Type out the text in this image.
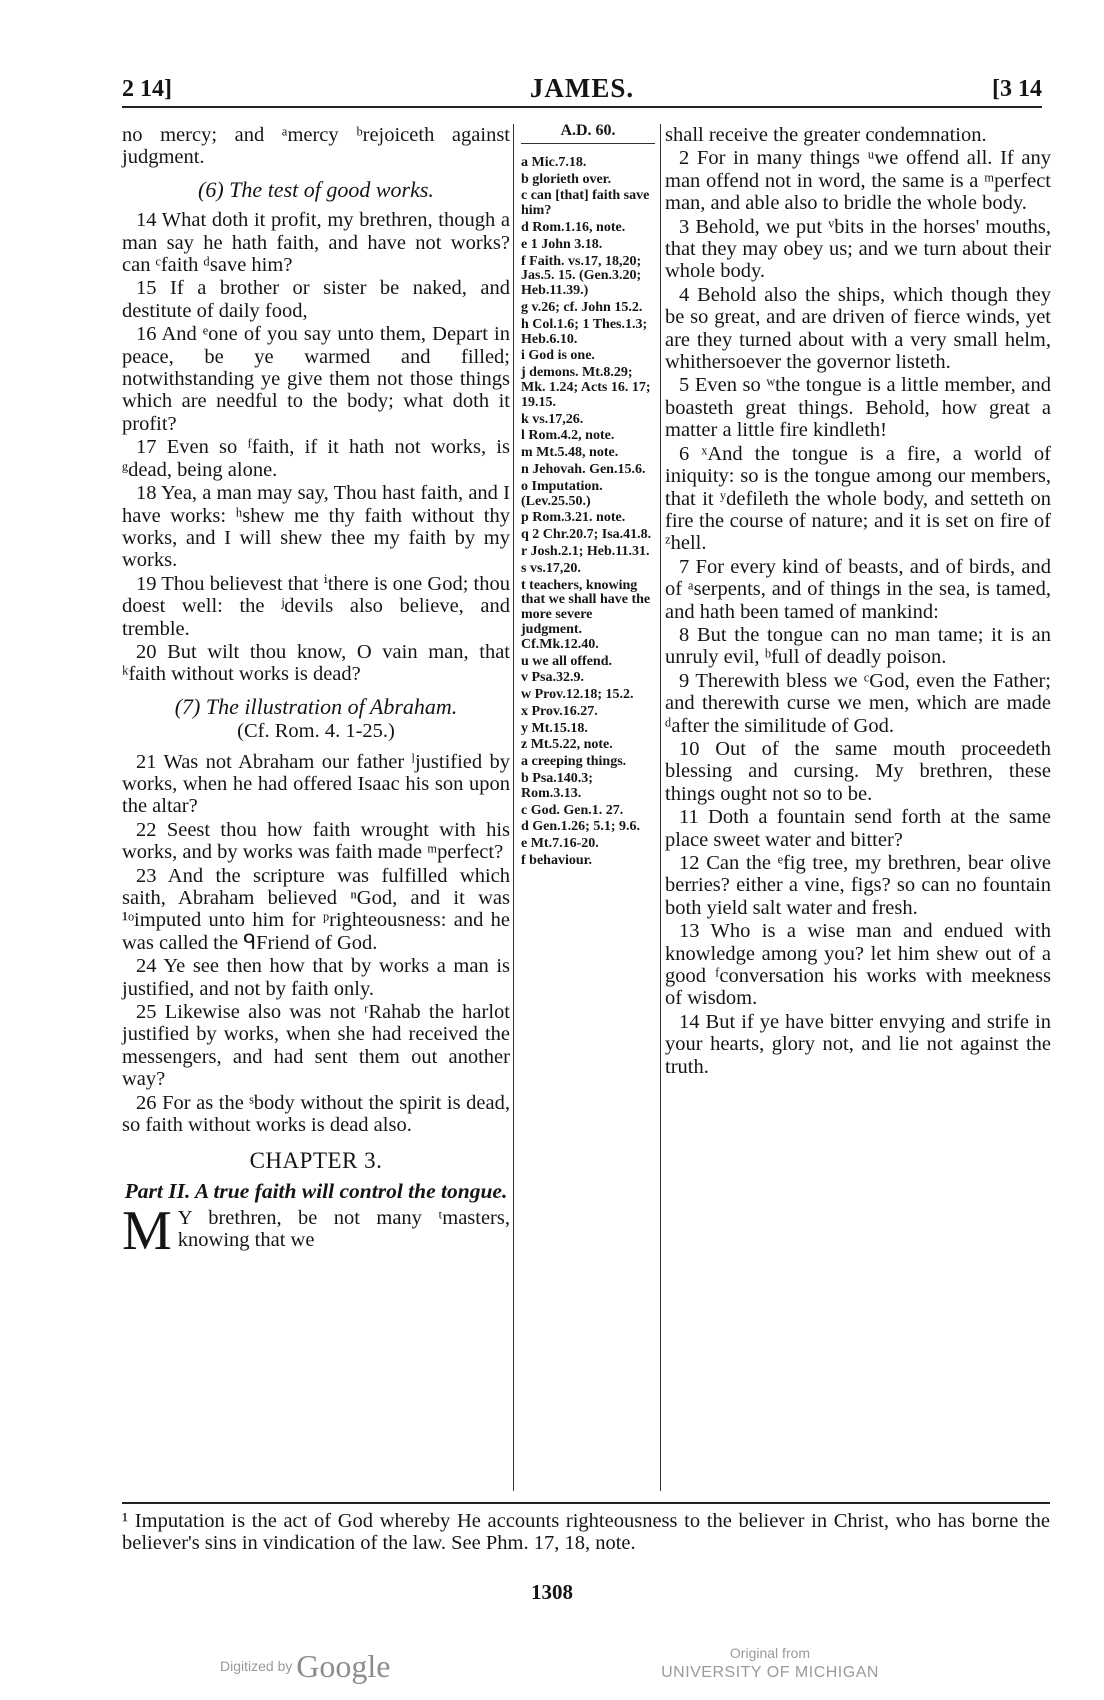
2 14]	JAMES.	[3 14

no mercy; and ᵃmercy ᵇrejoiceth against judgment.

(6) The test of good works.

14 What doth it profit, my brethren, though a man say he hath faith, and have not works? can ᶜfaith ᵈsave him?

15 If a brother or sister be naked, and destitute of daily food,

16 And ᵉone of you say unto them, Depart in peace, be ye warmed and filled; notwithstanding ye give them not those things which are needful to the body; what doth it profit?

17 Even so ᶠfaith, if it hath not works, is ᵍdead, being alone.

18 Yea, a man may say, Thou hast faith, and I have works: ʰshew me thy faith without thy works, and I will shew thee my faith by my works.

19 Thou believest that ⁱthere is one God; thou doest well: the ʲdevils also believe, and tremble.

20 But wilt thou know, O vain man, that ᵏfaith without works is dead?

(7) The illustration of Abraham.
(Cf. Rom. 4. 1-25.)

21 Was not Abraham our father ˡjustified by works, when he had offered Isaac his son upon the altar?

22 Seest thou how faith wrought with his works, and by works was faith made ᵐperfect?

23 And the scripture was fulfilled which saith, Abraham believed ⁿGod, and it was ¹ᵒimputed unto him for ᵖrighteousness: and he was called the ᑫFriend of God.

24 Ye see then how that by works a man is justified, and not by faith only.

25 Likewise also was not ʳRahab the harlot justified by works, when she had received the messengers, and had sent them out another way?

26 For as the ˢbody without the spirit is dead, so faith without works is dead also.

CHAPTER 3.
Part II. A true faith will control the tongue.

M Y brethren, be not many ᵗmasters, knowing that we

A.D. 60.
a Mic.7.18.
b glorieth over.
c can [that] faith save him?
d Rom.1.16, note.
e 1 John 3.18.
f Faith. vs.17, 18,20; Jas.5. 15. (Gen.3.20; Heb.11.39.)
g v.26; cf. John 15.2.
h Col.1.6; 1 Thes.1.3; Heb.6.10.
i God is one.
j demons. Mt.8.29; Mk. 1.24; Acts 16. 17; 19.15.
k vs.17,26.
l Rom.4.2, note.
m Mt.5.48, note.
n Jehovah. Gen.15.6.
o Imputation. (Lev.25.50.)
p Rom.3.21. note.
q 2 Chr.20.7; Isa.41.8.
r Josh.2.1; Heb.11.31.
s vs.17,20.
t teachers, knowing that we shall have the more severe judgment. Cf.Mk.12.40.
u we all offend.
v Psa.32.9.
w Prov.12.18; 15.2.
x Prov.16.27.
y Mt.15.18.
z Mt.5.22, note.
a creeping things.
b Psa.140.3; Rom.3.13.
c God. Gen.1. 27.
d Gen.1.26; 5.1; 9.6.
e Mt.7.16-20.
f behaviour.

shall receive the greater condemnation.

2 For in many things ᵘwe offend all. If any man offend not in word, the same is a ᵐperfect man, and able also to bridle the whole body.

3 Behold, we put ᵛbits in the horses' mouths, that they may obey us; and we turn about their whole body.

4 Behold also the ships, which though they be so great, and are driven of fierce winds, yet are they turned about with a very small helm, whithersoever the governor listeth.

5 Even so ʷthe tongue is a little member, and boasteth great things. Behold, how great a matter a little fire kindleth!

6 ˣAnd the tongue is a fire, a world of iniquity: so is the tongue among our members, that it ʸdefileth the whole body, and setteth on fire the course of nature; and it is set on fire of ᶻhell.

7 For every kind of beasts, and of birds, and of ᵃserpents, and of things in the sea, is tamed, and hath been tamed of mankind:

8 But the tongue can no man tame; it is an unruly evil, ᵇfull of deadly poison.

9 Therewith bless we ᶜGod, even the Father; and therewith curse we men, which are made ᵈafter the similitude of God.

10 Out of the same mouth proceedeth blessing and cursing. My brethren, these things ought not so to be.

11 Doth a fountain send forth at the same place sweet water and bitter?

12 Can the ᵉfig tree, my brethren, bear olive berries? either a vine, figs? so can no fountain both yield salt water and fresh.

13 Who is a wise man and endued with knowledge among you? let him shew out of a good ᶠconversation his works with meekness of wisdom.

14 But if ye have bitter envying and strife in your hearts, glory not, and lie not against the truth.

¹ Imputation is the act of God whereby He accounts righteousness to the believer in Christ, who has borne the believer's sins in vindication of the law. See Phm. 17, 18, note.
1308
Digitized by Google	Original from
UNIVERSITY OF MICHIGAN
